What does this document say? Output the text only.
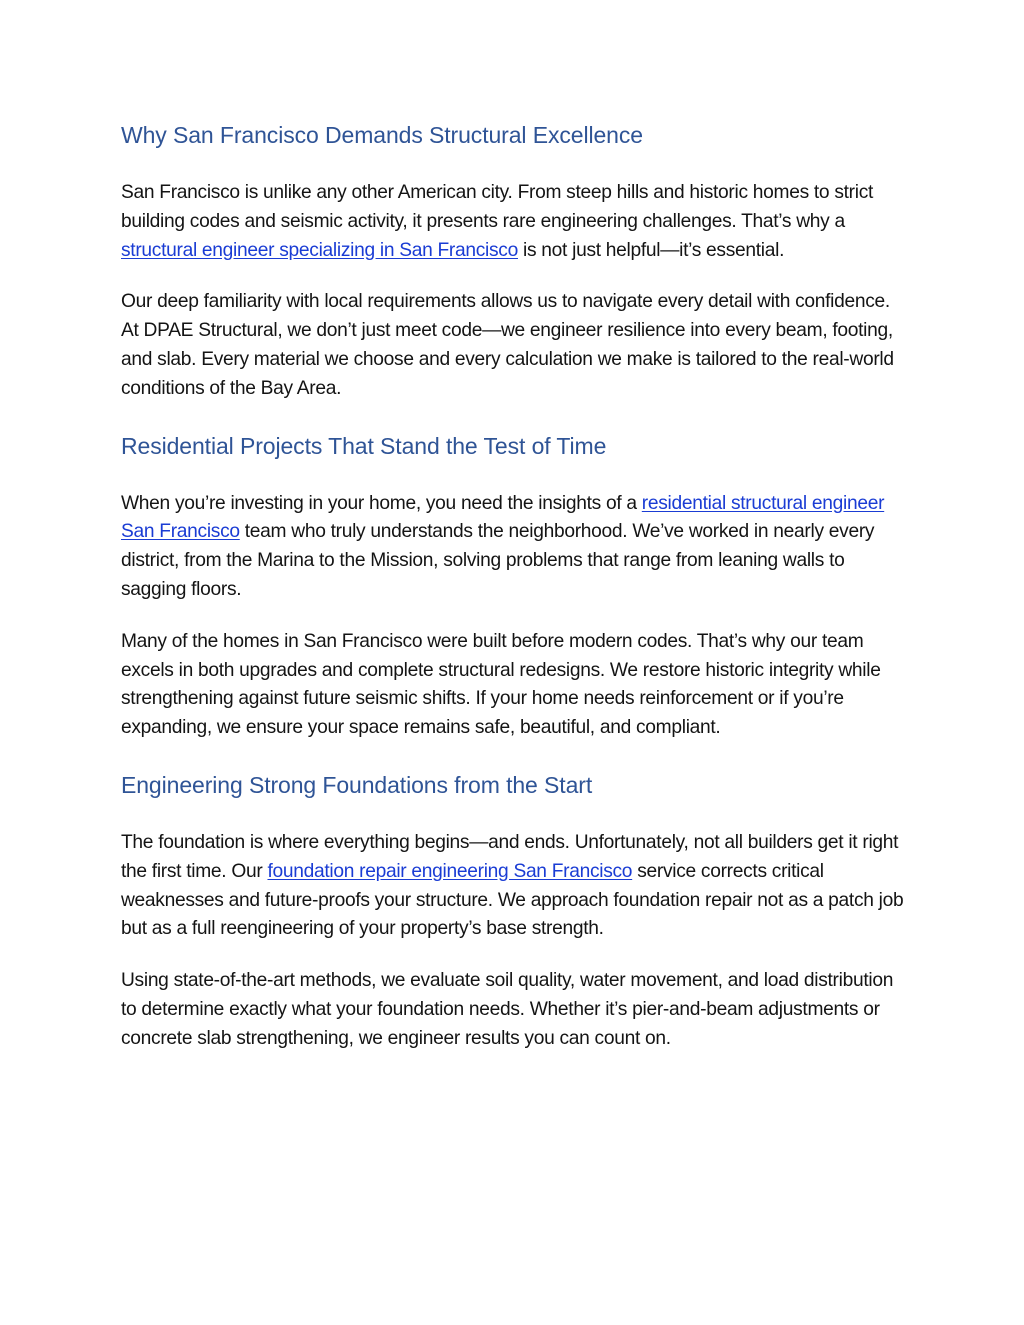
Why San Francisco Demands Structural Excellence

San Francisco is unlike any other American city. From steep hills and historic homes to strict building codes and seismic activity, it presents rare engineering challenges. That’s why a structural engineer specializing in San Francisco is not just helpful—it’s essential.

Our deep familiarity with local requirements allows us to navigate every detail with confidence. At DPAE Structural, we don’t just meet code—we engineer resilience into every beam, footing, and slab. Every material we choose and every calculation we make is tailored to the real-world conditions of the Bay Area.

Residential Projects That Stand the Test of Time

When you’re investing in your home, you need the insights of a residential structural engineer San Francisco team who truly understands the neighborhood. We’ve worked in nearly every district, from the Marina to the Mission, solving problems that range from leaning walls to sagging floors.

Many of the homes in San Francisco were built before modern codes. That’s why our team excels in both upgrades and complete structural redesigns. We restore historic integrity while strengthening against future seismic shifts. If your home needs reinforcement or if you’re expanding, we ensure your space remains safe, beautiful, and compliant.

Engineering Strong Foundations from the Start

The foundation is where everything begins—and ends. Unfortunately, not all builders get it right the first time. Our foundation repair engineering San Francisco service corrects critical weaknesses and future-proofs your structure. We approach foundation repair not as a patch job but as a full reengineering of your property’s base strength.

Using state-of-the-art methods, we evaluate soil quality, water movement, and load distribution to determine exactly what your foundation needs. Whether it’s pier-and-beam adjustments or concrete slab strengthening, we engineer results you can count on.
